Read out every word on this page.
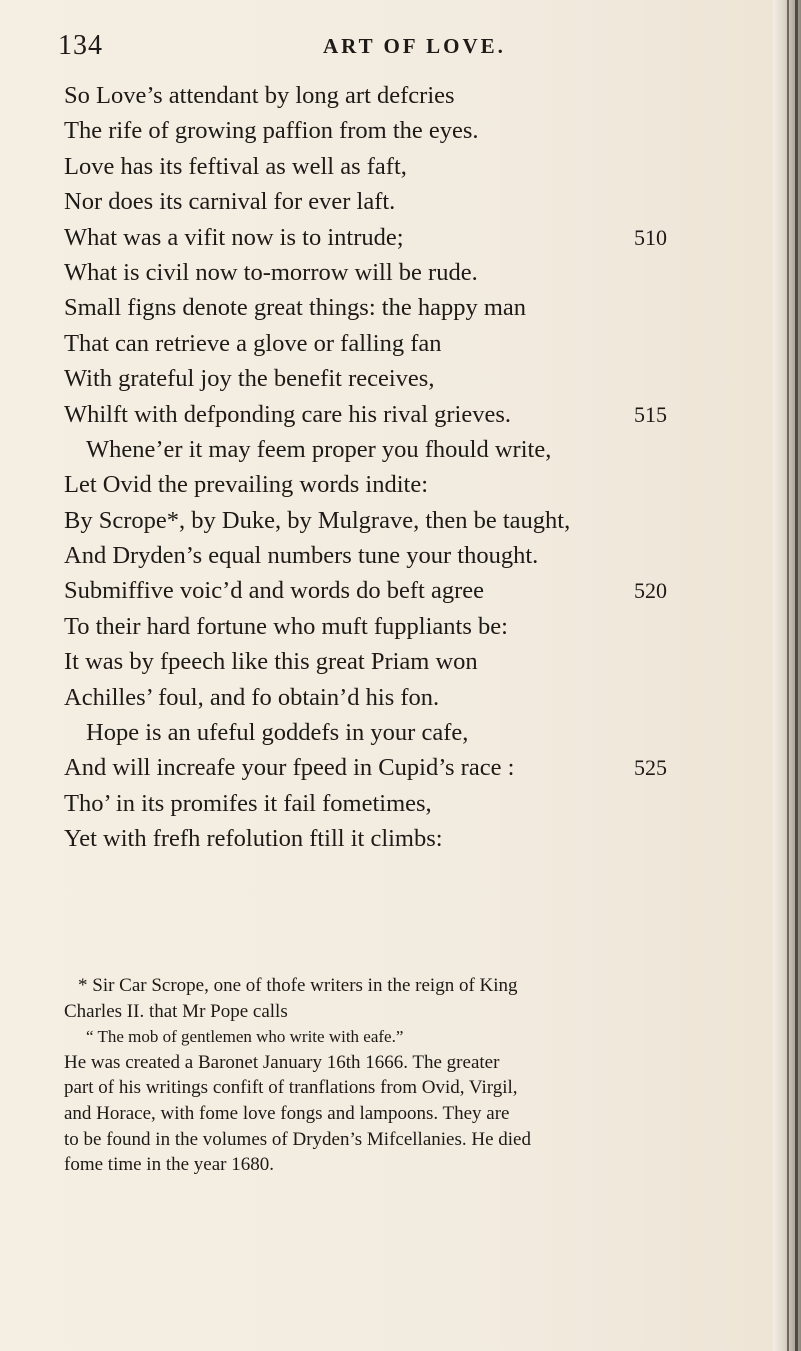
134	ART OF LOVE.
So Love’s attendant by long art defcries
The rife of growing paffion from the eyes.
Love has its feftival as well as faft,
Nor does its carnival for ever laft.
What was a vifit now is to intrude;	510
What is civil now to-morrow will be rude.
Small figns denote great things: the happy man
That can retrieve a glove or falling fan
With grateful joy the benefit receives,
Whilft with defponding care his rival grieves.	515
Whene’er it may feem proper you fhould write,
Let Ovid the prevailing words indite:
By Scrope*, by Duke, by Mulgrave, then be taught,
And Dryden’s equal numbers tune your thought.
Submiffive voic’d and words do beft agree	520
To their hard fortune who muft fuppliants be:
It was by fpeech like this great Priam won
Achilles’ foul, and fo obtain’d his fon.
Hope is an ufeful goddefs in your cafe,
And will increafe your fpeed in Cupid’s race :	525
Tho’ in its promifes it fail fometimes,
Yet with frefh refolution ftill it climbs:
* Sir Car Scrope, one of thofe writers in the reign of King
Charles II. that Mr Pope calls
“ The mob of gentlemen who write with eafe.”
He was created a Baronet January 16th 1666. The greater
part of his writings confift of tranflations from Ovid, Virgil,
and Horace, with fome love fongs and lampoons. They are
to be found in the volumes of Dryden’s Mifcellanies. He died
fome time in the year 1680.
